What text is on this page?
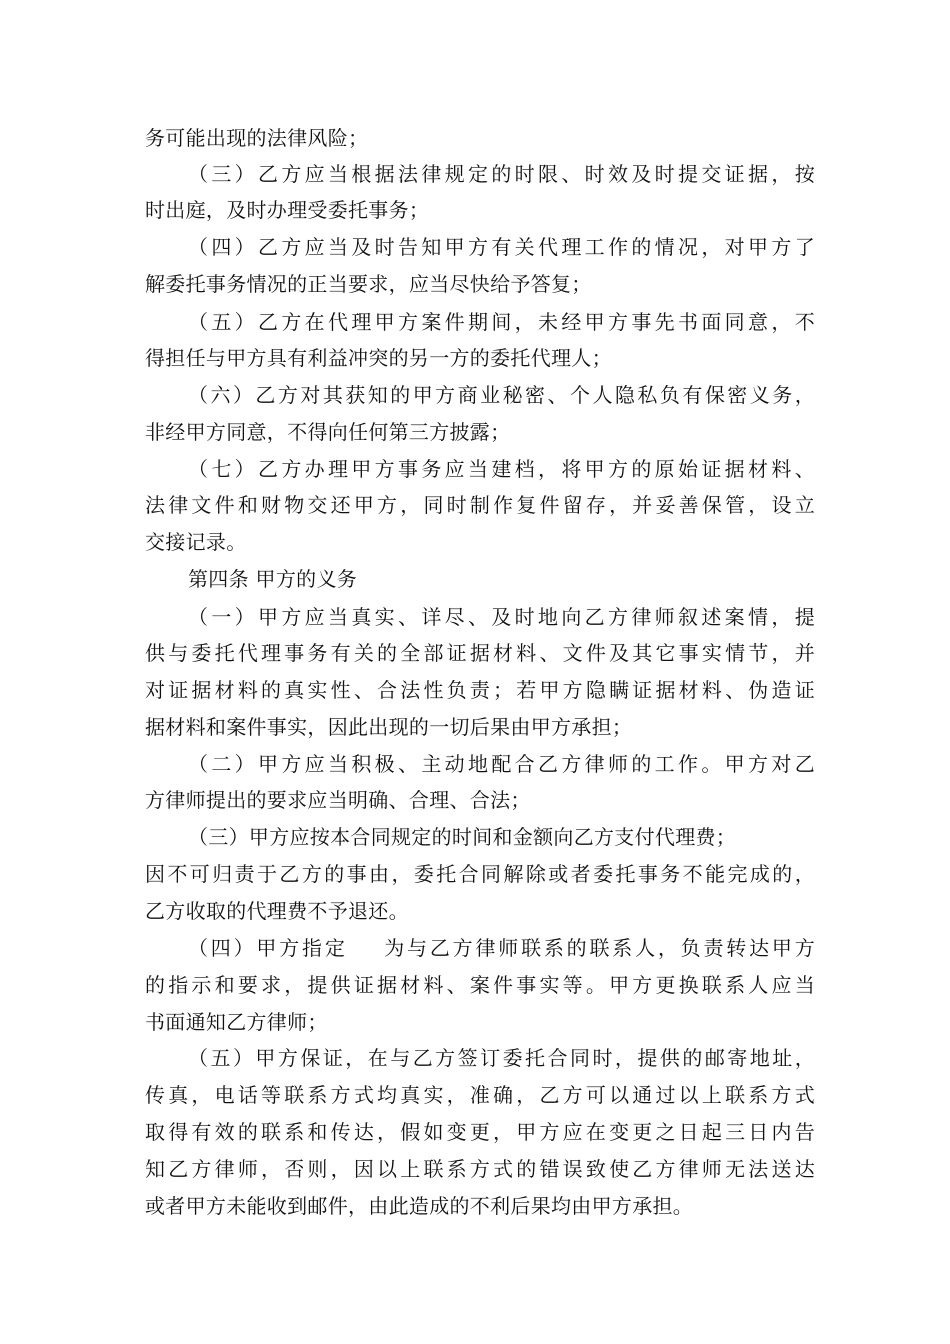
务可能出现的法律风险；

（三）乙方应当根据法律规定的时限、时效及时提交证据，按

时出庭，及时办理受委托事务；

（四）乙方应当及时告知甲方有关代理工作的情况，对甲方了

解委托事务情况的正当要求，应当尽快给予答复；

（五）乙方在代理甲方案件期间，未经甲方事先书面同意，不

得担任与甲方具有利益冲突的另一方的委托代理人；

（六）乙方对其获知的甲方商业秘密、个人隐私负有保密义务，

非经甲方同意，不得向任何第三方披露；

（七）乙方办理甲方事务应当建档，将甲方的原始证据材料、

法律文件和财物交还甲方，同时制作复件留存，并妥善保管，设立

交接记录。

第四条 甲方的义务

（一）甲方应当真实、详尽、及时地向乙方律师叙述案情，提

供与委托代理事务有关的全部证据材料、文件及其它事实情节，并

对证据材料的真实性、合法性负责；若甲方隐瞒证据材料、伪造证

据材料和案件事实，因此出现的一切后果由甲方承担；

（二）甲方应当积极、主动地配合乙方律师的工作。甲方对乙

方律师提出的要求应当明确、合理、合法；

（三）甲方应按本合同规定的时间和金额向乙方支付代理费；

因不可归责于乙方的事由，委托合同解除或者委托事务不能完成的，

乙方收取的代理费不予退还。

（四）甲方指定    为与乙方律师联系的联系人，负责转达甲方

的指示和要求，提供证据材料、案件事实等。甲方更换联系人应当

书面通知乙方律师；

（五）甲方保证，在与乙方签订委托合同时，提供的邮寄地址，

传真，电话等联系方式均真实，准确，乙方可以通过以上联系方式

取得有效的联系和传达，假如变更，甲方应在变更之日起三日内告

知乙方律师，否则，因以上联系方式的错误致使乙方律师无法送达

或者甲方未能收到邮件，由此造成的不利后果均由甲方承担。
